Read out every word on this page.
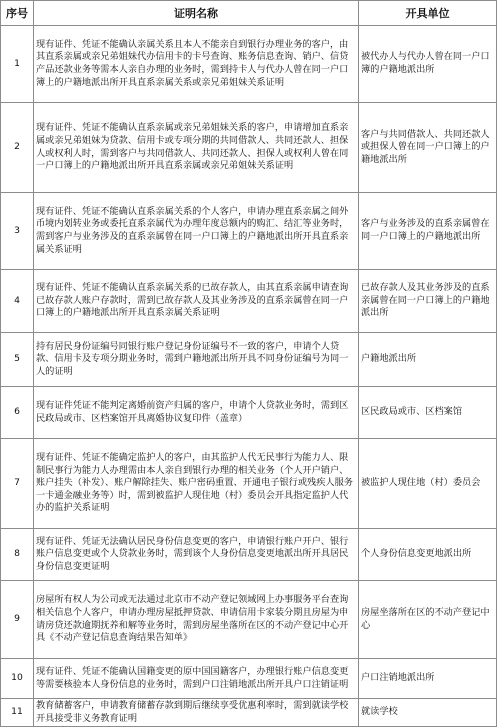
序号	证明名称	开具单位
1	现有证件、凭证不能确认亲属关系且本人不能亲自到银行办理业务的客户，由其直系亲属或亲兄弟姐妹代办信用卡的卡号查询、账务信息查询、销户、信贷产品还款业务等需本人亲自办理的业务时，需到持卡人与代办人曾在同一户口簿上的户籍地派出所开具直系亲属关系或亲兄弟姐妹关系证明	被代办人与代办人曾在同一户口簿的户籍地派出所
2	现有证件、凭证不能确认直系亲属或亲兄弟姐妹关系的客户，申请增加直系亲属或亲兄弟姐妹为贷款、信用卡或专项分期的共同借款人、共同还款人、担保人或权利人时，需到客户与共同借款人、共同还款人、担保人或权利人曾在同一户口簿上的户籍地派出所开具直系亲属或亲兄弟姐妹关系证明	客户与共同借款人、共同还款人或担保人曾在同一户口簿上的户籍地派出所
3	现有证件、凭证不能确认直系亲属关系的个人客户，申请办理直系亲属之间外币境内划转业务或委托直系亲属代为办理年度总额内的购汇、结汇等业务时，需到客户与业务涉及的直系亲属曾在同一户口簿上的户籍地派出所开具直系亲属关系证明	客户与业务涉及的直系亲属曾在同一户口簿上的户籍地派出所
4	现有证件、凭证不能确认直系亲属关系的已故存款人，由其直系亲属申请查询已故存款人账户存款时，需到已故存款人及其业务涉及的直系亲属曾在同一户口簿上的户籍地派出所开具直系亲属关系证明	已故存款人及其业务涉及的直系亲属曾在同一户口簿上的户籍地派出所
5	持有居民身份证编号同银行账户登记身份证编号不一致的客户，申请个人贷款、信用卡及专项分期业务时，需到户籍地派出所开具不同身份证编号为同一人的证明	户籍地派出所
6	现有证件凭证不能判定离婚前资产归属的客户，申请个人贷款业务时，需到区民政局或市、区档案馆开具离婚协议复印件（盖章）	区民政局或市、区档案馆
7	现有证件、凭证不能确定监护人的客户，由其监护人代无民事行为能力人、限制民事行为能力人办理需由本人亲自到银行办理的相关业务（个人开户销户、账户挂失（补发）、账户解除挂失、账户密码重置、开通电子银行或残疾人服务一卡通金融业务等）时，需到被监护人现住地（村）委员会开具指定监护人代办的监护关系证明	被监护人现住地（村）委员会
8	现有证件、凭证无法确认居民身份信息变更的客户，申请银行账户开户、银行账户信息变更或个人贷款业务时，需到该个人身份信息变更地派出所开具居民身份信息变更证明	个人身份信息变更地派出所
9	房屋所有权人为公司或无法通过北京市不动产登记领域网上办事服务平台查询相关信息个人客户，申请办理房屋抵押贷款、申请信用卡家装分期且房屋为申请房贷还款逾期抚养和解等业务时，需到房屋坐落所在区的不动产登记中心开具《不动产登记信息查询结果告知单》	房屋坐落所在区的不动产登记中心
10	现有证件、凭证不能确认国籍变更的原中国国籍客户，办理银行账户信息变更等需要核验本人身份信息的业务时，需到户口注销地派出所开具户口注销证明	户口注销地派出所
11	教育储蓄客户，申请教育储蓄存款到期后继续享受优惠利率时，需到就读学校开具接受非义务教育证明	就读学校
